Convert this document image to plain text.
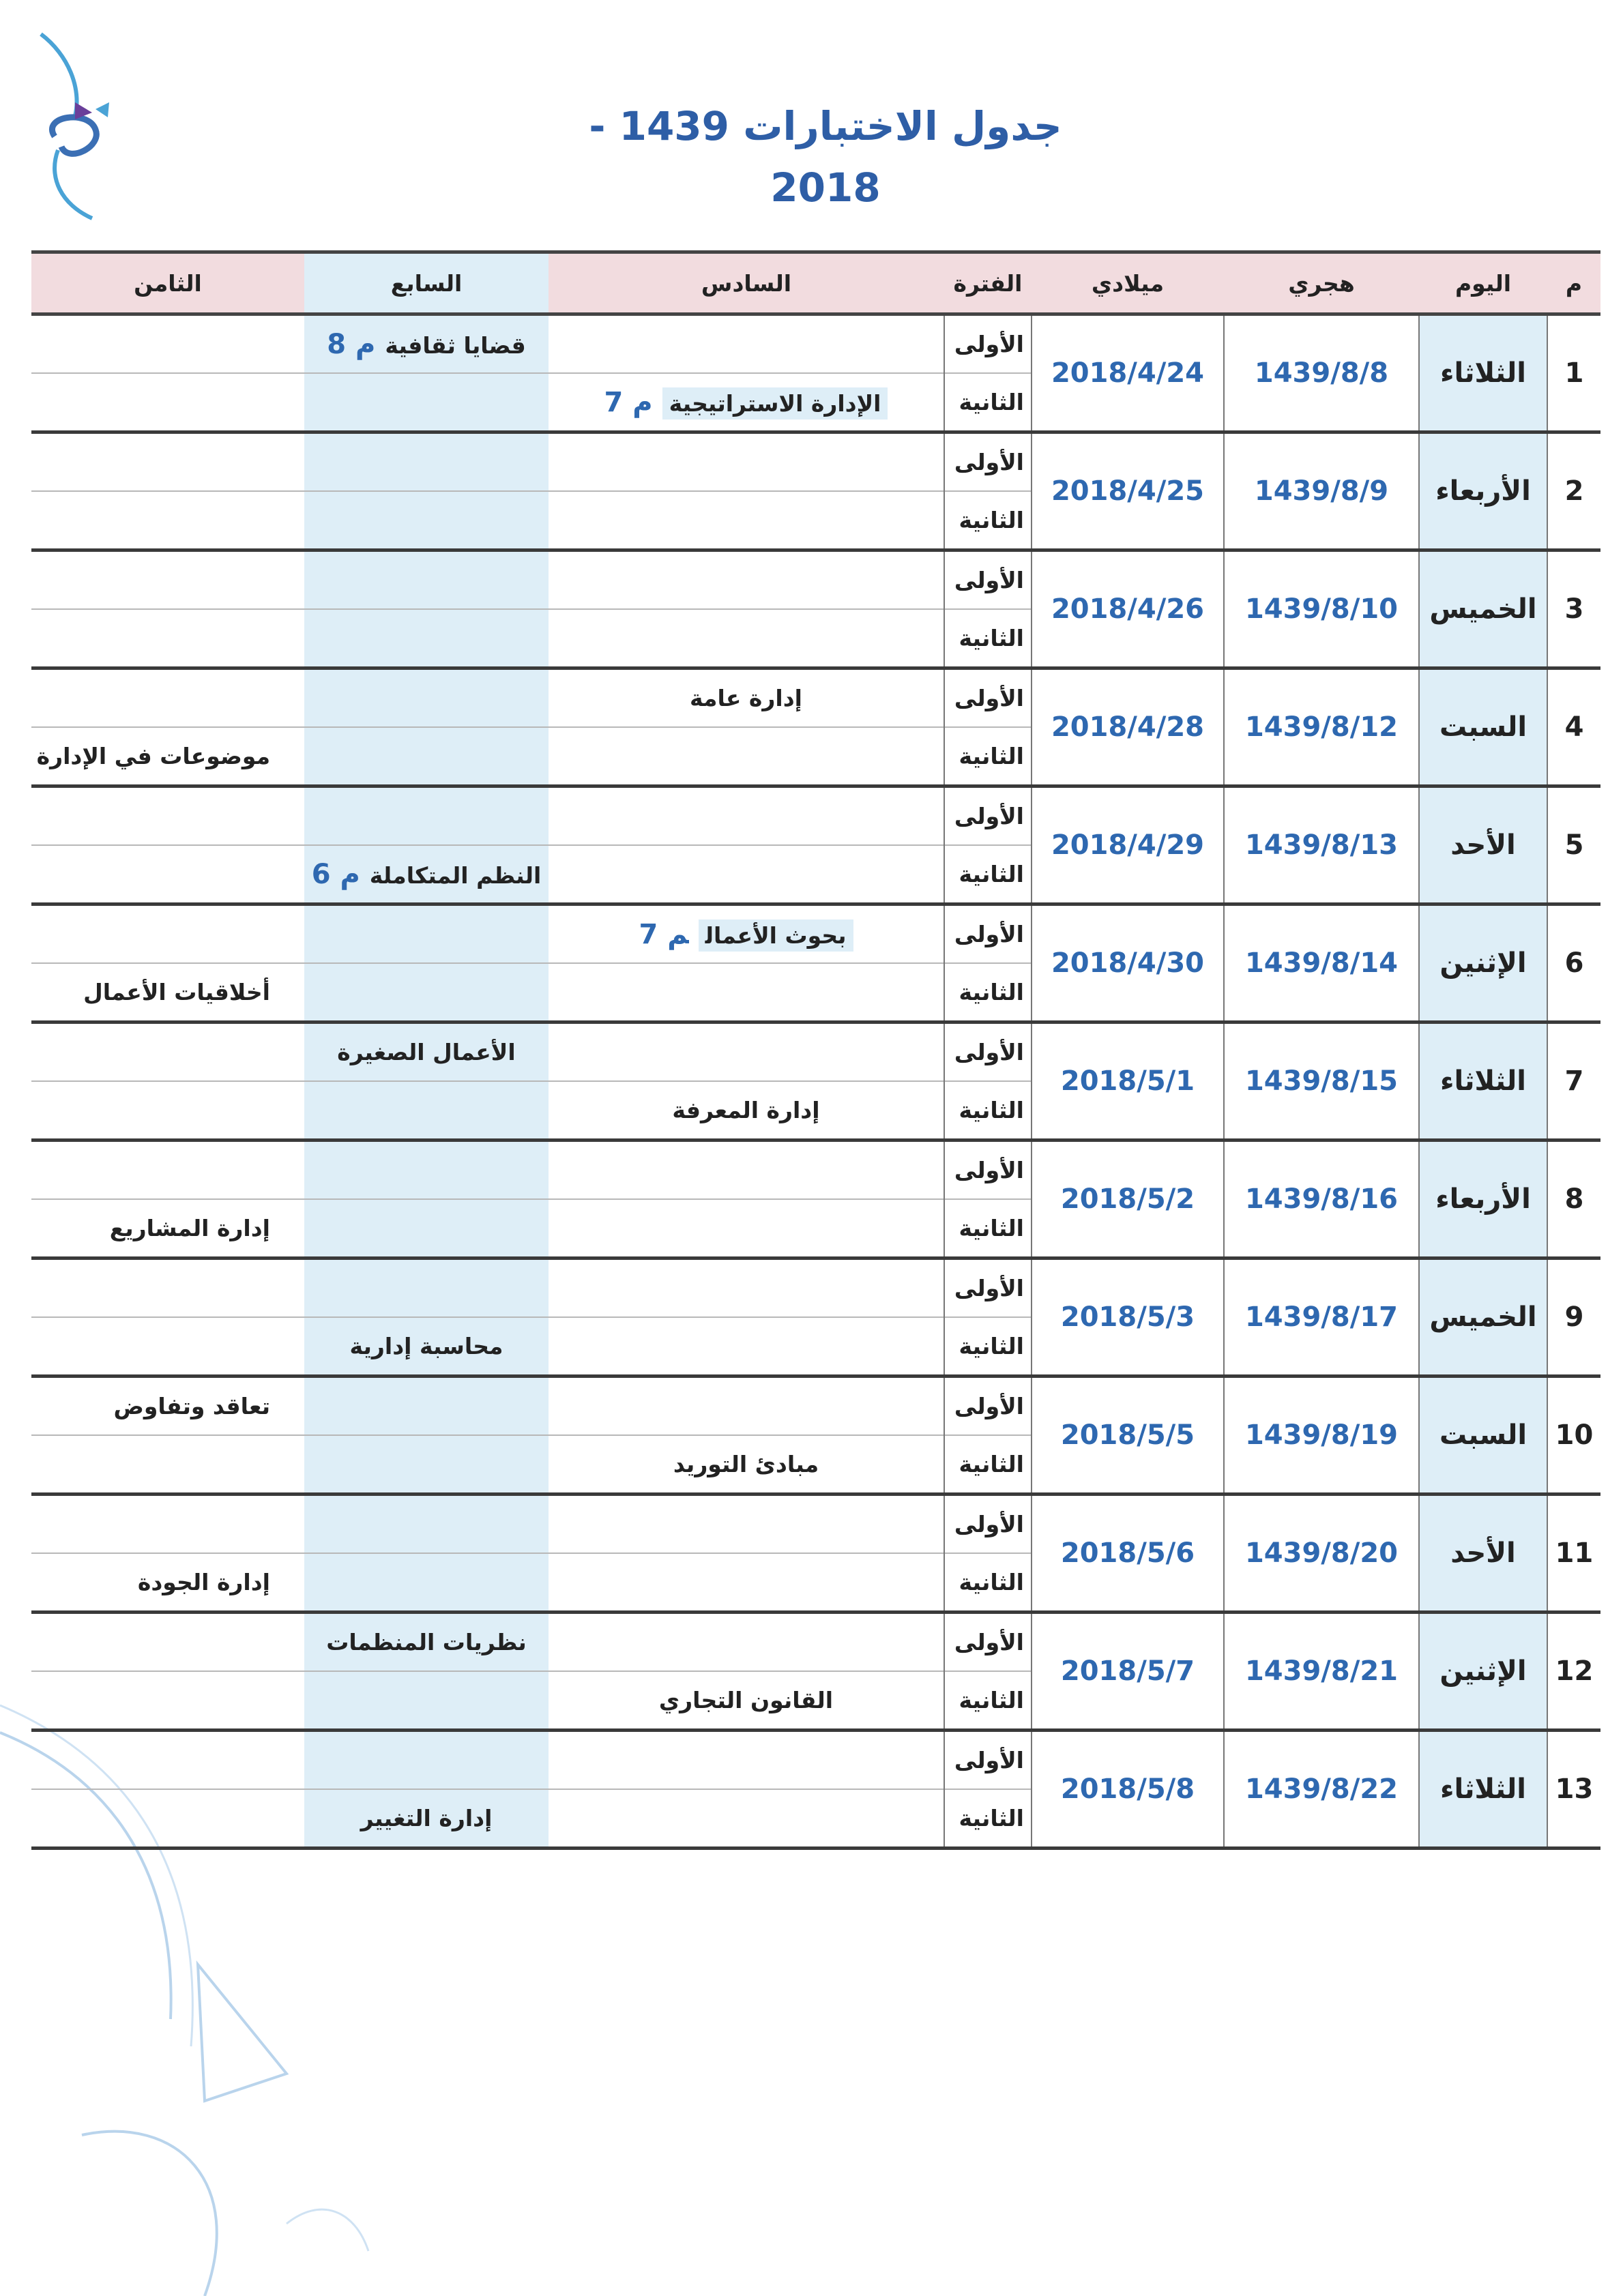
جدول الاختبارات 1439 - 2018
م	اليوم	هجري	ميلادي	الفترة	السادس	السابع	الثامن
1	الثلاثاء	1439/8/8	2018/4/24	الأولى		قضايا ثقافيةم 8	
				الثانية	الإدارة الاستراتيجيةم 7		
2	الأربعاء	1439/8/9	2018/4/25	الأولى			
				الثانية			
3	الخميس	1439/8/10	2018/4/26	الأولى			
				الثانية			
4	السبت	1439/8/12	2018/4/28	الأولى	إدارة عامة		
				الثانية			موضوعات في الإدارة
5	الأحد	1439/8/13	2018/4/29	الأولى			
				الثانية		النظم المتكاملةم 6	
6	الإثنين	1439/8/14	2018/4/30	الأولى	بحوث الأعمالم 7		
				الثانية			أخلاقيات الأعمال
7	الثلاثاء	1439/8/15	2018/5/1	الأولى		الأعمال الصغيرة	
				الثانية	إدارة المعرفة		
8	الأربعاء	1439/8/16	2018/5/2	الأولى			
				الثانية			إدارة المشاريع
9	الخميس	1439/8/17	2018/5/3	الأولى			
				الثانية		محاسبة إدارية	
10	السبت	1439/8/19	2018/5/5	الأولى			تعاقد وتفاوض
				الثانية	مبادئ التوريد		
11	الأحد	1439/8/20	2018/5/6	الأولى			
				الثانية			إدارة الجودة
12	الإثنين	1439/8/21	2018/5/7	الأولى		نظريات المنظمات	
				الثانية	القانون التجاري		
13	الثلاثاء	1439/8/22	2018/5/8	الأولى			
				الثانية		إدارة التغيير	
